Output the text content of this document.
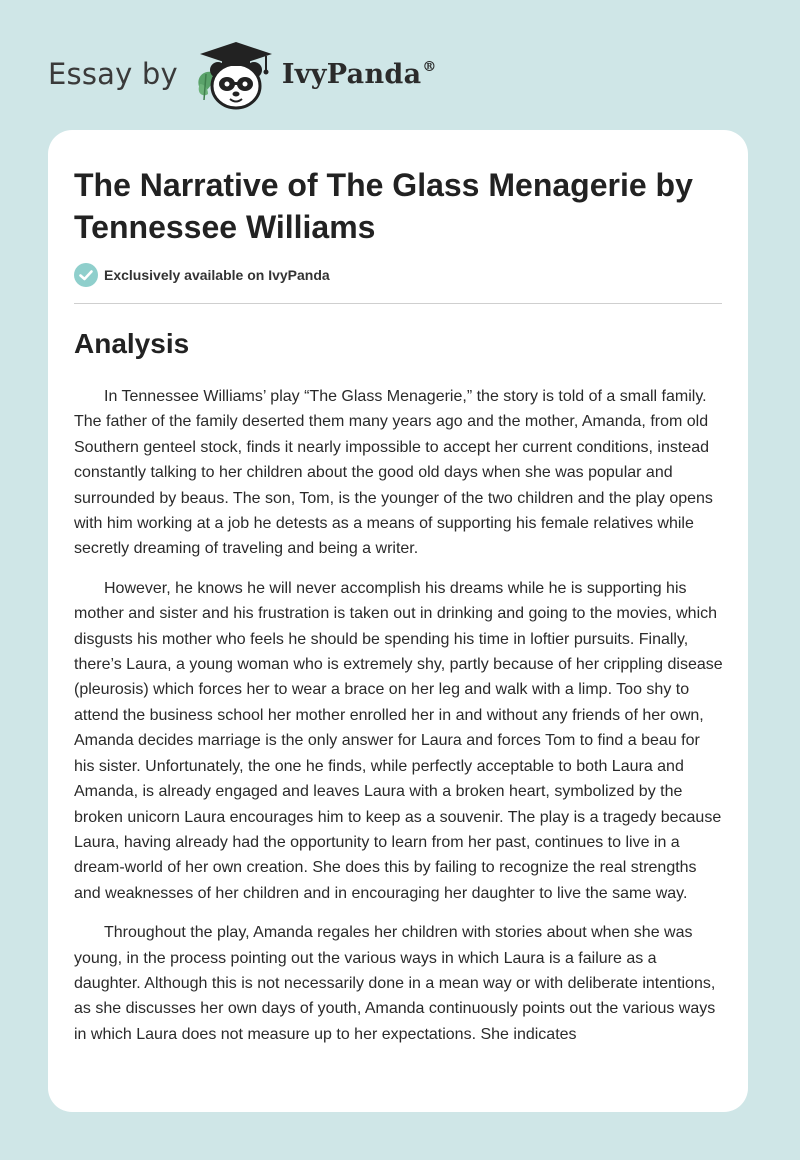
Essay by	IvyPanda®
The Narrative of The Glass Menagerie by Tennessee Williams
Exclusively available on IvyPanda
Analysis

In Tennessee Williams’ play “The Glass Menagerie,” the story is told of a small family. The father of the family deserted them many years ago and the mother, Amanda, from old Southern genteel stock, finds it nearly impossible to accept her current conditions, instead constantly talking to her children about the good old days when she was popular and surrounded by beaus. The son, Tom, is the younger of the two children and the play opens with him working at a job he detests as a means of supporting his female relatives while secretly dreaming of traveling and being a writer.

However, he knows he will never accomplish his dreams while he is supporting his mother and sister and his frustration is taken out in drinking and going to the movies, which disgusts his mother who feels he should be spending his time in loftier pursuits. Finally, there’s Laura, a young woman who is extremely shy, partly because of her crippling disease (pleurosis) which forces her to wear a brace on her leg and walk with a limp. Too shy to attend the business school her mother enrolled her in and without any friends of her own, Amanda decides marriage is the only answer for Laura and forces Tom to find a beau for his sister. Unfortunately, the one he finds, while perfectly acceptable to both Laura and Amanda, is already engaged and leaves Laura with a broken heart, symbolized by the broken unicorn Laura encourages him to keep as a souvenir. The play is a tragedy because Laura, having already had the opportunity to learn from her past, continues to live in a dream-world of her own creation. She does this by failing to recognize the real strengths and weaknesses of her children and in encouraging her daughter to live the same way.

Throughout the play, Amanda regales her children with stories about when she was young, in the process pointing out the various ways in which Laura is a failure as a daughter. Although this is not necessarily done in a mean way or with deliberate intentions, as she discusses her own days of youth, Amanda continuously points out the various ways in which Laura does not measure up to her expectations. She indicates
